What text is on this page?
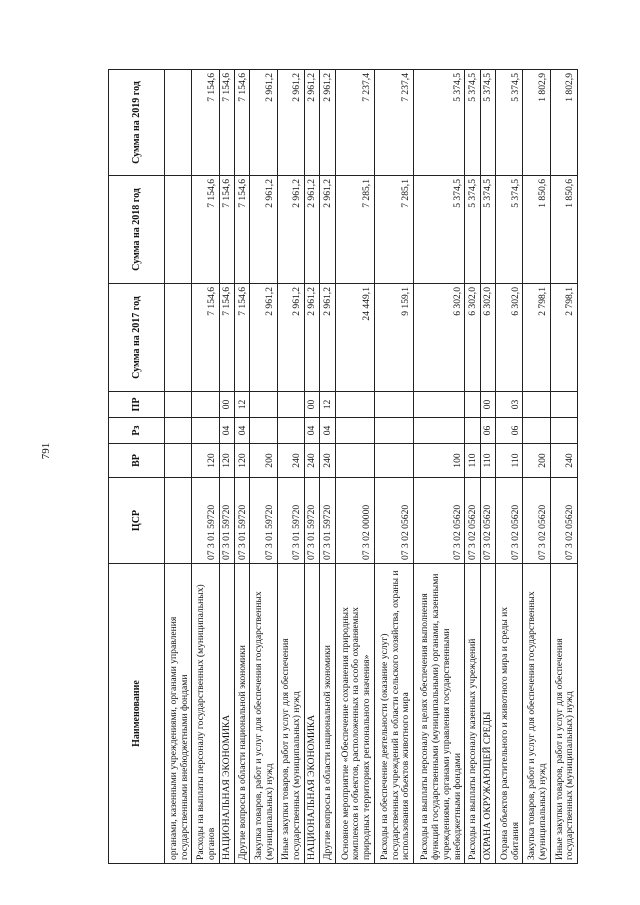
791
Наименование	ЦСР	ВР	Рз	ПР	Сумма на 2017 год	Сумма на 2018 год	Сумма на 2019 год
органами, казенными учреждениями, органами управления государственными внебюджетными фондами							
Расходы на выплаты персоналу государственных (муниципальных) органов	07 3 01 59720	120			7 154,6	7 154,6	7 154,6
НАЦИОНАЛЬНАЯ ЭКОНОМИКА	07 3 01 59720	120	04	00	7 154,6	7 154,6	7 154,6
Другие вопросы в области национальной экономики	07 3 01 59720	120	04	12	7 154,6	7 154,6	7 154,6
Закупка товаров, работ и услуг для обеспечения государственных (муниципальных) нужд	07 3 01 59720	200			2 961,2	2 961,2	2 961,2
Иные закупки товаров, работ и услуг для обеспечения государственных (муниципальных) нужд	07 3 01 59720	240			2 961,2	2 961,2	2 961,2
НАЦИОНАЛЬНАЯ ЭКОНОМИКА	07 3 01 59720	240	04	00	2 961,2	2 961,2	2 961,2
Другие вопросы в области национальной экономики	07 3 01 59720	240	04	12	2 961,2	2 961,2	2 961,2
Основное мероприятие «Обеспечение сохранения природных комплексов и объектов, расположенных на особо охраняемых природных территориях регионального значения»	07 3 02 00000				24 449,1	7 285,1	7 237,4
Расходы на обеспечение деятельности (оказание услуг) государственных учреждений в области сельского хозяйства, охраны и использования объектов животного мира	07 3 02 05620				9 159,1	7 285,1	7 237,4
Расходы на выплаты персоналу в целях обеспечения выполнения функций государственными (муниципальными) органами, казенными учреждениями, органами управления государственными внебюджетными фондами	07 3 02 05620	100			6 302,0	5 374,5	5 374,5
Расходы на выплаты персоналу казенных учреждений	07 3 02 05620	110			6 302,0	5 374,5	5 374,5
ОХРАНА ОКРУЖАЮЩЕЙ СРЕДЫ	07 3 02 05620	110	06	00	6 302,0	5 374,5	5 374,5
Охрана объектов растительного и животного мира и среды их обитания	07 3 02 05620	110	06	03	6 302,0	5 374,5	5 374,5
Закупка товаров, работ и услуг для обеспечения государственных (муниципальных) нужд	07 3 02 05620	200			2 798,1	1 850,6	1 802,9
Иные закупки товаров, работ и услуг для обеспечения государственных (муниципальных) нужд	07 3 02 05620	240			2 798,1	1 850,6	1 802,9
